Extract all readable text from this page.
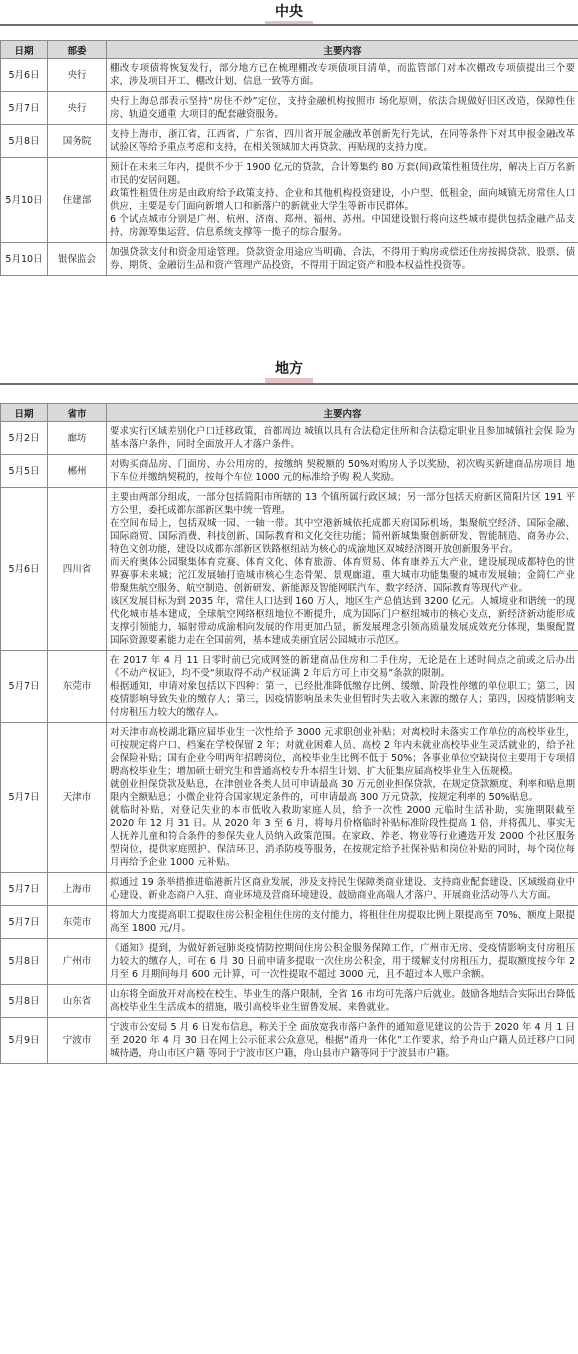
中央
日期	部委	主要内容
5月6日	央行	棚改专项债将恢复发行，部分地方已在梳理棚改专项债项目清单，而监管部门对本次棚改专项债提出三个要求，涉及项目开工、棚改计划、信息一致等方面。

5月7日	央行	央行上海总部表示坚持“房住不炒”定位，支持金融机构按照市 场化原则，依法合规做好旧区改造，保障性住房、轨道交通重 大项目的配套融资服务。

5月8日	国务院	支持上海市，浙江省，江西省，广东省，四川省开展金融改革创新先行先试，在同等条件下对其申报金融改革试验区等给予重点考虑和支持，在相关领域加大再贷款、再贴现的支持力度。

5月10日	住建部	预计在未来三年内，提供不少于 1900 亿元的贷款，合计筹集约 80 万套(间)政策性租赁住房，解决上百万名新市民的安居问题。

政策性租赁住房是由政府给予政策支持、企业和其他机构投资建设，小户型、低租金，面向城镇无房常住人口供应，主要是专门面向新增人口和新落户的新就业大学生等新市民群体。

6 个试点城市分别是广州、杭州、济南、郑州、福州、苏州。中国建设银行将向这些城市提供包括金融产品支持、房源筹集运营、信息系统支撑等一揽子的综合服务。

5月10日	银保监会	加强贷款支付和资金用途管理。贷款资金用途应当明确、合法，不得用于购房或偿还住房按揭贷款、股票、债券、期货、金融衍生品和资产管理产品投资，不得用于固定资产和股本权益性投资等。

地方
日期	省市	主要内容
5月2日	廊坊	要求实行区域差别化户口迁移政策，首都周边 城镇以具有合法稳定住所和合法稳定职业且参加城镇社会保 险为基本落户条件，同时全面放开人才落户条件。

5月5日	郴州	对购买商品房、门面房、办公用房的，按缴纳 契税额的 50%对购房人予以奖励，初次购买新建商品房项目 地下车位并缴纳契税的，按每个车位 1000 元的标准给予购 税人奖励。

5月6日	四川省	主要由两部分组成，一部分包括简阳市所辖的 13 个镇所属行政区域；另一部分包括天府新区简阳片区 191 平方公里，委托成都东部新区集中统一管理。

在空间布局上，包括双城一园、一轴一带。其中空港新城依托成都天府国际机场，集聚航空经济、国际金融、国际商贸、国际消费、科技创新、国际教育和文化交往功能；简州新城集聚创新研发、智能制造、商务办公、特色文创功能，建设以成都东部新区铁路枢纽站为核心的成渝地区双城经济圈开放创新服务平台。

而天府奥体公园聚集体育竞赛、体育文化、体育旅游、体育贸易、体育康养五大产业，建设展现成都特色的世界赛事未来城；沱江发展轴打造城市核心生态骨架、景观廊道、重大城市功能集聚的城市发展轴；金简仁产业带聚焦航空服务、航空制造、创新研发、新能源及智能网联汽车、数字经济、国际教育等现代产业。

该区发展目标为到 2035 年，常住人口达到 160 万人，地区生产总值达到 3200 亿元。人城境业和谐统一的现代化城市基本建成，全球航空网络枢纽地位不断提升，成为国际门户枢纽城市的核心支点，新经济新动能形成支撑引领能力，辐射带动成渝相向发展的作用更加凸显，新发展理念引领高质量发展成效充分体现，集聚配置国际资源要素能力走在全国前列，基本建成美丽宜居公园城市示范区。

5月7日	东莞市	在 2017 年 4 月 11 日零时前已完成网签的新建商品住房和二手住房，无论是在上述时间点之前或之后办出《不动产权证》，均不受“须取得不动产权证满 2 年后方可上市交易”条款的限制。

根据通知，申请对象包括以下四种：第一，已经批准降低缴存比例、缓缴、阶段性停缴的单位职工；第二，因疫情影响导致失业的缴存人；第三，因疫情影响虽未失业但暂时失去收入来源的缴存人；第四，因疫情影响支付房租压力较大的缴存人。

5月7日	天津市	对天津市高校湖北籍应届毕业生一次性给予 3000 元求职创业补贴；对离校时未落实工作单位的高校毕业生，可按规定将户口、档案在学校保留 2 年；对就业困难人员、高校 2 年内未就业高校毕业生灵活就业的，给予社会保险补贴；国有企业今明两年招聘岗位，高校毕业生比例不低于 50%；各事业单位空缺岗位主要用于专项招聘高校毕业生；增加硕士研究生和普通高校专升本招生计划、扩大征集应届高校毕业生入伍规模。

就创业担保贷款及贴息，在津创业各类人员可申请最高 30 万元创业担保贷款，在规定贷款额度、利率和贴息期限内全额贴息；小微企业符合国家规定条件的，可申请最高 300 万元贷款，按规定利率的 50%贴息。

就临时补贴，对登记失业的本市低收入救助家庭人员，给予一次性 2000 元临时生活补助，实施期限截至 2020 年 12 月 31 日。从 2020 年 3 至 6 月，将每月价格临时补贴标准阶段性提高 1 倍，并将孤儿、事实无人抚养儿童和符合条件的参保失业人员纳入政策范围。在家政、养老、物业等行业遴选开发 2000 个社区服务型岗位，提供家庭照护、保洁环卫、消杀防疫等服务，在按规定给予社保补贴和岗位补贴的同时，每个岗位每月再给予企业 1000 元补贴。

5月7日	上海市	拟通过 19 条举措推进临港新片区商业发展，涉及支持民生保障类商业建设、支持商业配套建设、区域级商业中心建设、新业态商户入驻、商业环境及营商环境建设、鼓励商业高端人才落户、开展商业活动等八大方面。

5月7日	东莞市	将加大力度提高职工提取住房公积金租住住房的支付能力，将租住住房提取比例上限提高至 70%、额度上限提高至 1800 元/月。

5月8日	广州市	《通知》提到，为做好新冠肺炎疫情防控期间住房公积金服务保障工作，广州市无房、受疫情影响支付房租压力较大的缴存人，可在 6 月 30 日前申请多提取一次住房公积金，用于缓解支付房租压力，提取额度按今年 2 月至 6 月期间每月 600 元计算，可一次性提取不超过 3000 元，且不超过本人账户余额。

5月8日	山东省	山东将全面放开对高校在校生、毕业生的落户限制，全省 16 市均可先落户后就业。鼓励各地结合实际出台降低高校毕业生生活成本的措施，吸引高校毕业生留鲁发展、来鲁就业。

5月9日	宁波市	宁波市公安局 5 月 6 日发布信息，称关于全 面放宽我市落户条件的通知意见建议的公告于 2020 年 4 月 1 日至 2020 年 4 月 30 日在网上公示征求公众意见，根据“甬舟一体化”工作要求，给予舟山户籍人员迁移户口同城待遇，舟山市区户籍 等同于宁波市区户籍，舟山县市户籍等同于宁波县市户籍。
